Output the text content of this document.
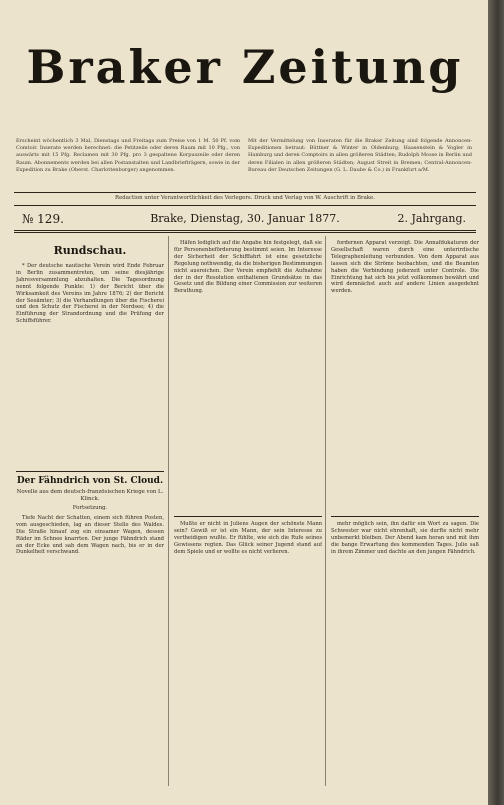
Braker Zeitung
Erscheint wöchentlich 3 Mal, Dienstags und Freitags zum Preise von 1 M. 50 Pf. vom Comtoir. Inserate werden berechnet: die Petitzeile oder deren Raum mit 10 Pfg., von auswärts mit 15 Pfg. Reclamen mit 30 Pfg. pro 3 gespaltene Korpuszeile oder deren Raum. Abonnements werden bei allen Postanstalten und Landbriefträgern, sowie in der Expedition zu Brake (Oberst. Charlottenburger) angenommen.
Mit der Vermittelung von Inseraten für die Braker Zeitung sind folgende Annoncen-Expeditionen betraut: Büttner & Winter in Oldenburg; Haasenstein & Vogler in Hamburg und deren Comptoirs in allen größeren Städten; Rudolph Mosse in Berlin und deren Filialen in allen größeren Städten; August Streit in Bremen; Central-Annoncen-Bureau der Deutschen Zeitungen (G. L. Daube & Co.) in Frankfurt a/M.
Redaction unter Verantwortlichkeit des Verlegers. Druck und Verlag von W. Auschrift in Brake.
№ 129.	Brake, Dienstag, 30. Januar 1877.	2. Jahrgang.
Rundschau.

* Der deutsche nautische Verein wird Ende Februar in Berlin zusammentreten, um seine diesjährige Jahresversammlung abzuhalten. Die Tagesordnung nennt folgende Punkte: 1) der Bericht über die Wirksamkeit des Vereins im Jahre 1876; 2) der Bericht der Seeämter; 3) die Verhandlungen über die Fischerei und den Schutz der Fischerei in der Nordsee; 4) die Einführung der Strandordnung und die Prüfung der Schiffsführer.

Der Fähndrich von St. Cloud.
Novelle aus dem deutsch-französischen Kriege von L. Klinck.
Fortsetzung.

Tiefe Nacht der Schatten, einem sich führen Posten, vom ausgeschieden, lag an dieser Stelle des Waldes. Die Straße hinauf zog ein einsamer Wagen, dessen Räder im Schnee knarrten. Der junge Fähndrich stand an der Ecke und sah dem Wagen nach, bis er in der Dunkelheit verschwand.

Häfen lediglich auf die Angabe hin festgelegt, daß sie für Personenbeförderung bestimmt seien. Im Interesse der Sicherheit der Schifffahrt ist eine gesetzliche Regelung nothwendig, da die bisherigen Bestimmungen nicht ausreichen. Der Verein empfiehlt die Aufnahme der in der Resolution enthaltenen Grundsätze in das Gesetz und die Bildung einer Commission zur weiteren Berathung.

Mußte er nicht in Juliens Augen der schönste Mann sein? Gewiß er ist ein Mann, der sein Interesse zu vertheidigen wußte. Er fühlte, wie sich die Rufe seines Gewissens regten. Das Glück seiner Jugend stand auf dem Spiele und er wollte es nicht verlieren.

fordernen Apparat verzeigt. Die Annafdukaturen der Gesellschaft waren durch eine unterirdische Telegraphenleitung verbunden. Von dem Apparat aus lassen sich die Ströme beobachten, und die Beamten haben die Verbindung jederzeit unter Controle. Die Einrichtung hat sich bis jetzt vollkommen bewährt und wird demnächst auch auf andere Linien ausgedehnt werden.

mehr möglich sein, ihn dafür ein Wort zu sagen. Die Schwester war nicht ehrenhaft, sie durfte nicht mehr unbemerkt bleiben. Der Abend kam heran und mit ihm die bange Erwartung des kommenden Tages. Julie saß in ihrem Zimmer und dachte an den jungen Fähndrich.
